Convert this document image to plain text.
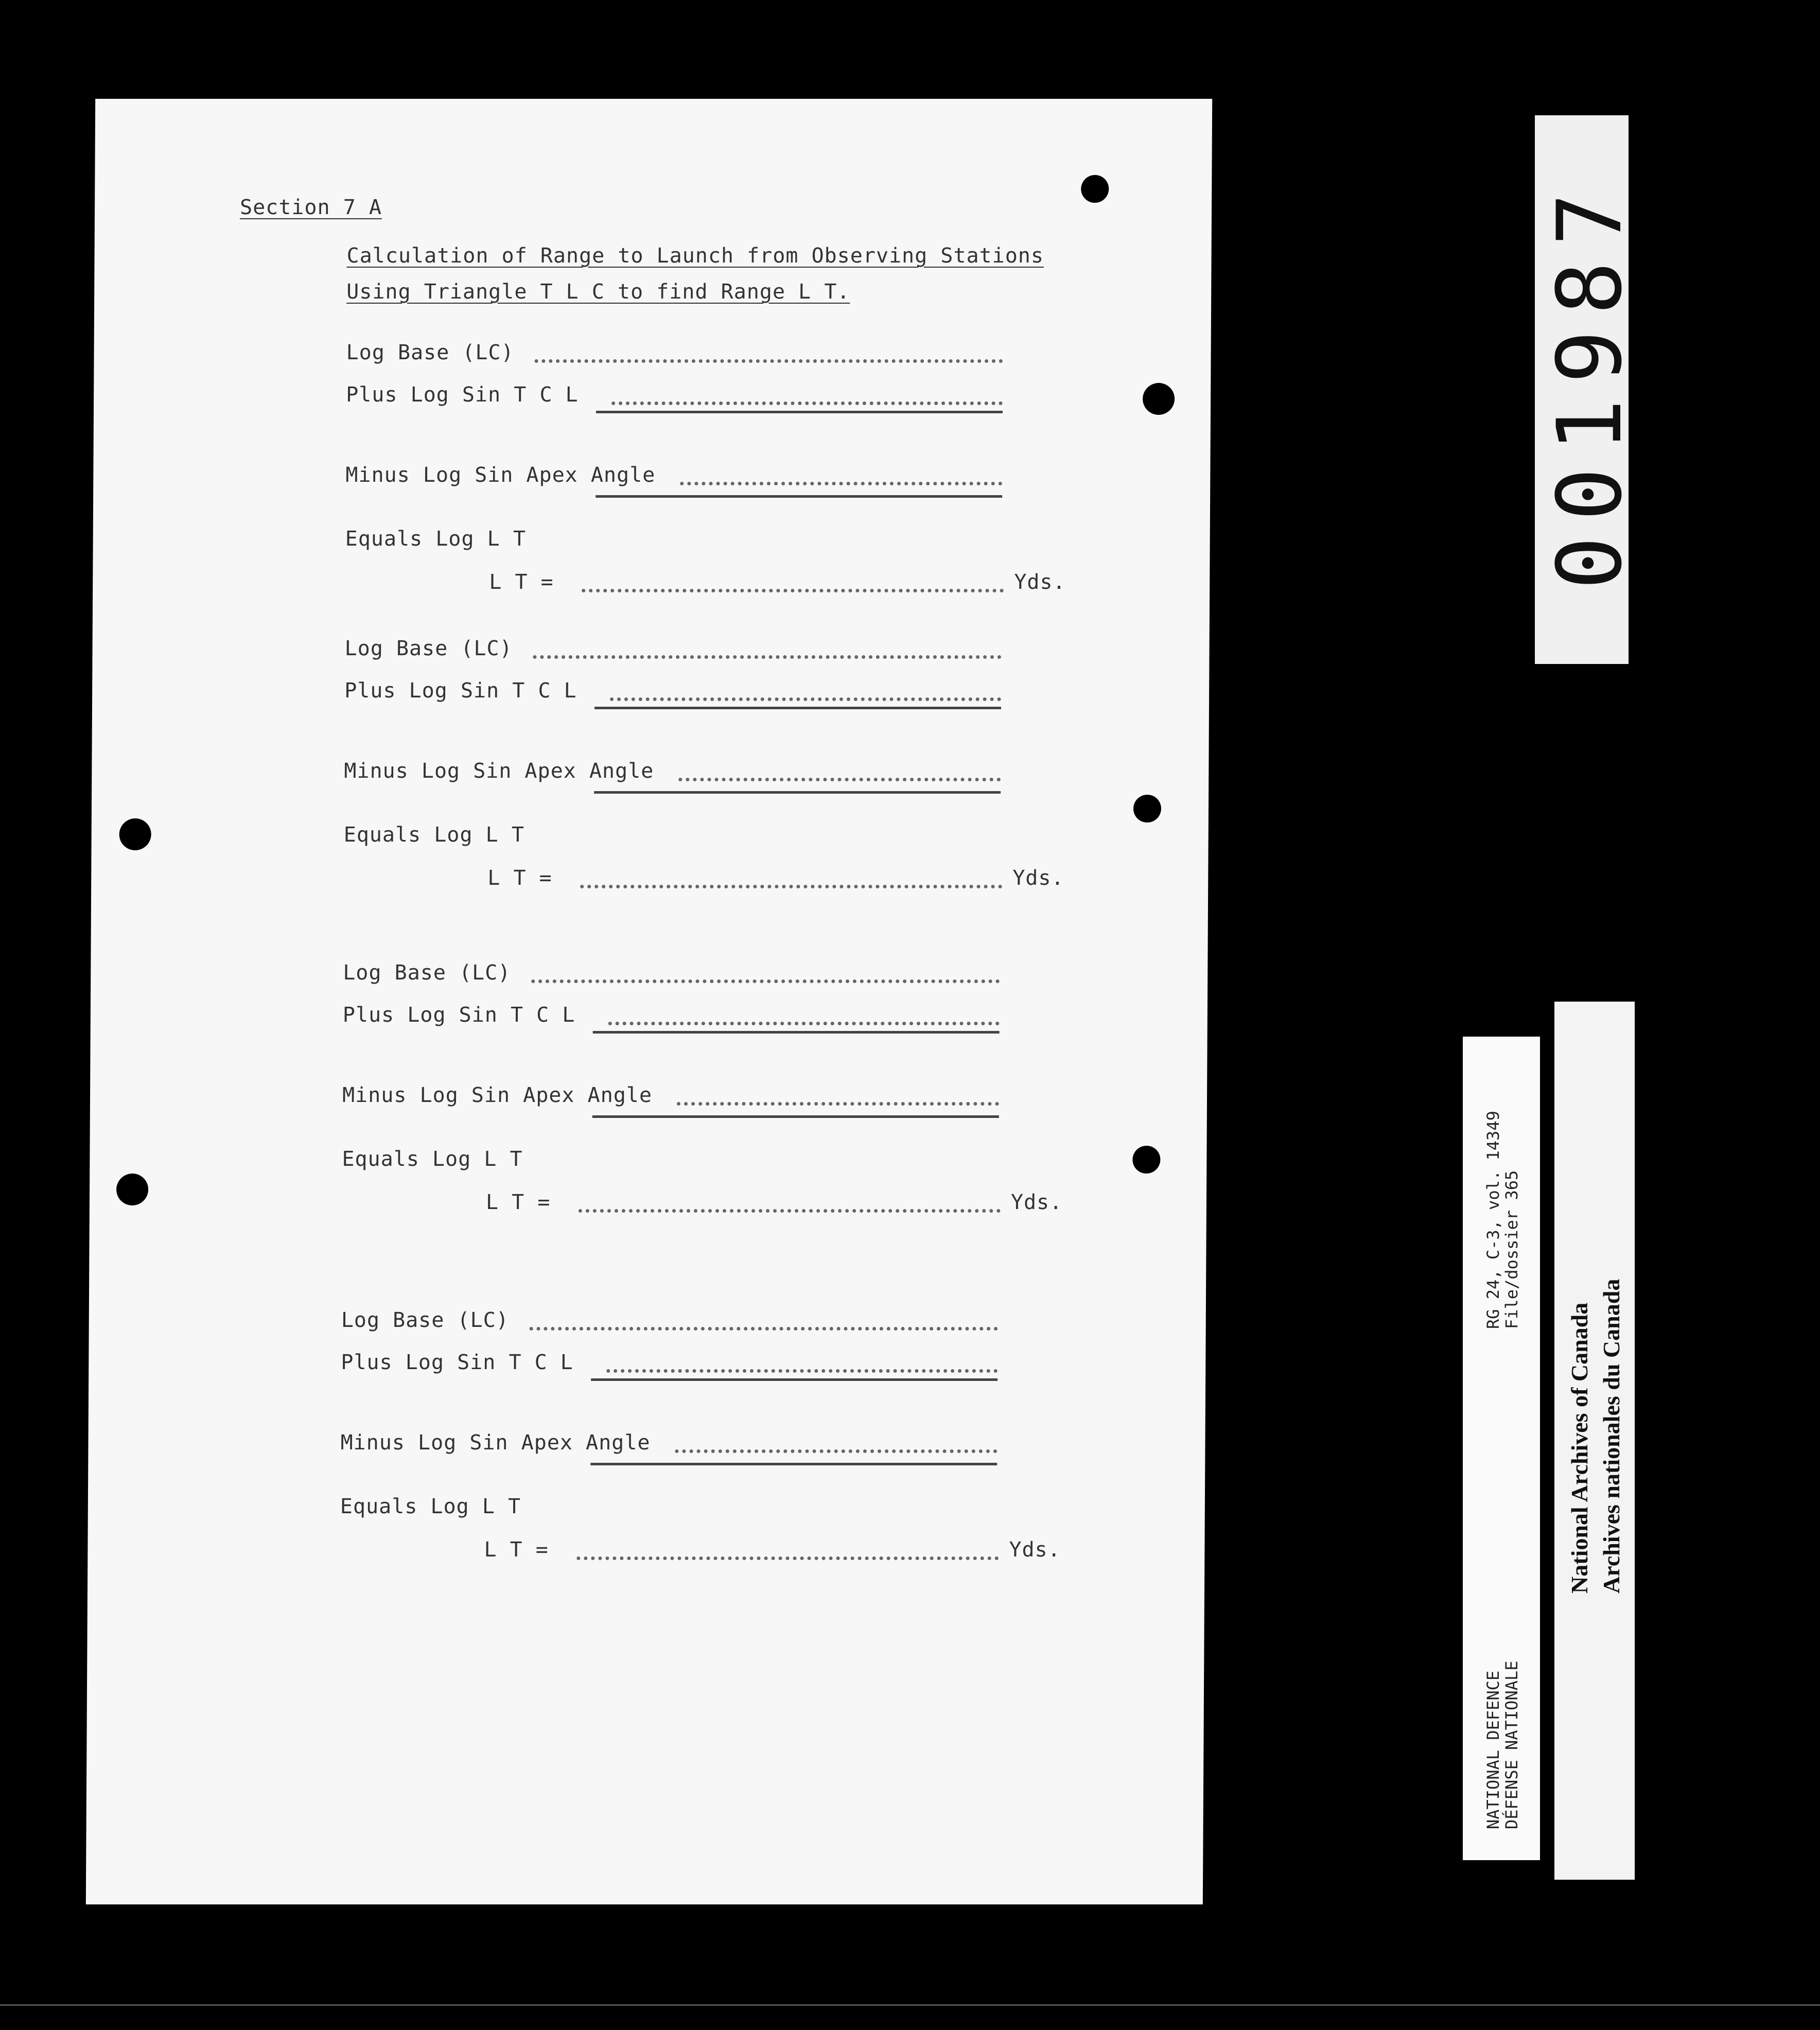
Section 7 A
Calculation of Range to Launch from Observing Stations
Using Triangle T L C to find Range L T.
Log Base (LC)
Plus Log Sin T C L
Minus Log Sin Apex Angle
Equals Log L T
L T =	Yds.
Log Base (LC)
Plus Log Sin T C L
Minus Log Sin Apex Angle
Equals Log L T
L T =	Yds.
Log Base (LC)
Plus Log Sin T C L
Minus Log Sin Apex Angle
Equals Log L T
L T =	Yds.
Log Base (LC)
Plus Log Sin T C L
Minus Log Sin Apex Angle
Equals Log L T
L T =	Yds.
001987
NATIONAL DEFENCE
DÉFENSE NATIONALE
RG 24, C-3, vol. 14349
File/dossier 365
National Archives of Canada Archives nationales du Canada
